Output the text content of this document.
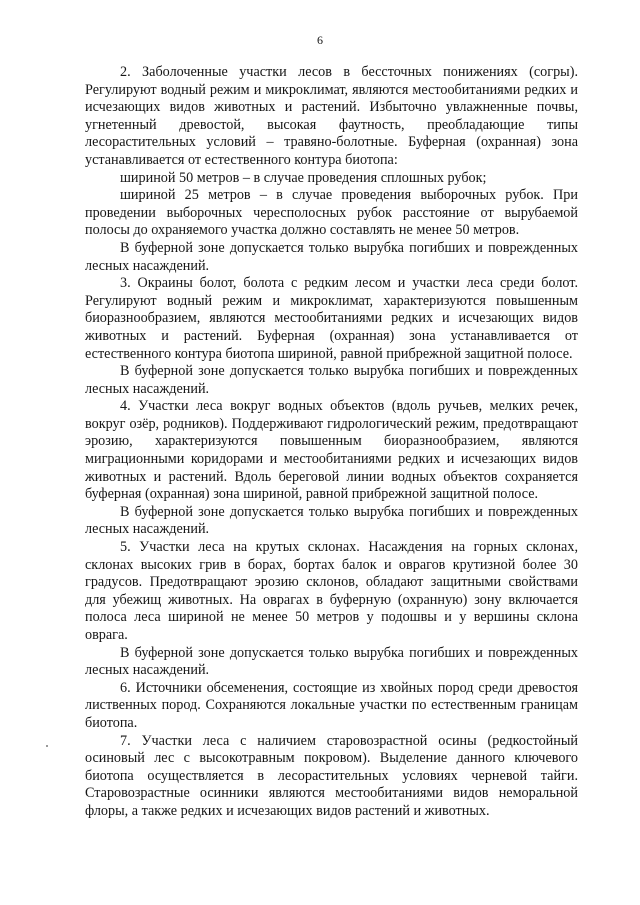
6

2. Заболоченные участки лесов в бессточных понижениях (согры). Регулируют водный режим и микроклимат, являются местообитаниями редких и исчезающих видов животных и растений. Избыточно увлажненные почвы, угнетенный древостой, высокая фаутность, преобладающие типы лесорастительных условий – травяно-болотные. Буферная (охранная) зона устанавливается от естественного контура биотопа:

шириной 50 метров – в случае проведения сплошных рубок;

шириной 25 метров – в случае проведения выборочных рубок. При проведении выборочных чересполосных рубок расстояние от вырубаемой полосы до охраняемого участка должно составлять не менее 50 метров.

В буферной зоне допускается только вырубка погибших и поврежденных лесных насаждений.

3. Окраины болот, болота с редким лесом и участки леса среди болот. Регулируют водный режим и микроклимат, характеризуются повышенным биоразнообразием, являются местообитаниями редких и исчезающих видов животных и растений. Буферная (охранная) зона устанавливается от естественного контура биотопа шириной, равной прибрежной защитной полосе.

В буферной зоне допускается только вырубка погибших и поврежденных лесных насаждений.

4. Участки леса вокруг водных объектов (вдоль ручьев, мелких речек, вокруг озёр, родников). Поддерживают гидрологический режим, предотвращают эрозию, характеризуются повышенным биоразнообразием, являются миграционными коридорами и местообитаниями редких и исчезающих видов животных и растений. Вдоль береговой линии водных объектов сохраняется буферная (охранная) зона шириной, равной прибрежной защитной полосе.

В буферной зоне допускается только вырубка погибших и поврежденных лесных насаждений.

5. Участки леса на крутых склонах. Насаждения на горных склонах, склонах высоких грив в борах, бортах балок и оврагов крутизной более 30 градусов. Предотвращают эрозию склонов, обладают защитными свойствами для убежищ животных. На оврагах в буферную (охранную) зону включается полоса леса шириной не менее 50 метров у подошвы и у вершины склона оврага.

В буферной зоне допускается только вырубка погибших и поврежденных лесных насаждений.

6. Источники обсеменения, состоящие из хвойных пород среди древостоя лиственных пород. Сохраняются локальные участки по естественным границам биотопа.

7. Участки леса с наличием старовозрастной осины (редкостойный осиновый лес с высокотравным покровом). Выделение данного ключевого биотопа осуществляется в лесорастительных условиях черневой тайги. Старовозрастные осинники являются местообитаниями видов неморальной флоры, а также редких и исчезающих видов растений и животных.
